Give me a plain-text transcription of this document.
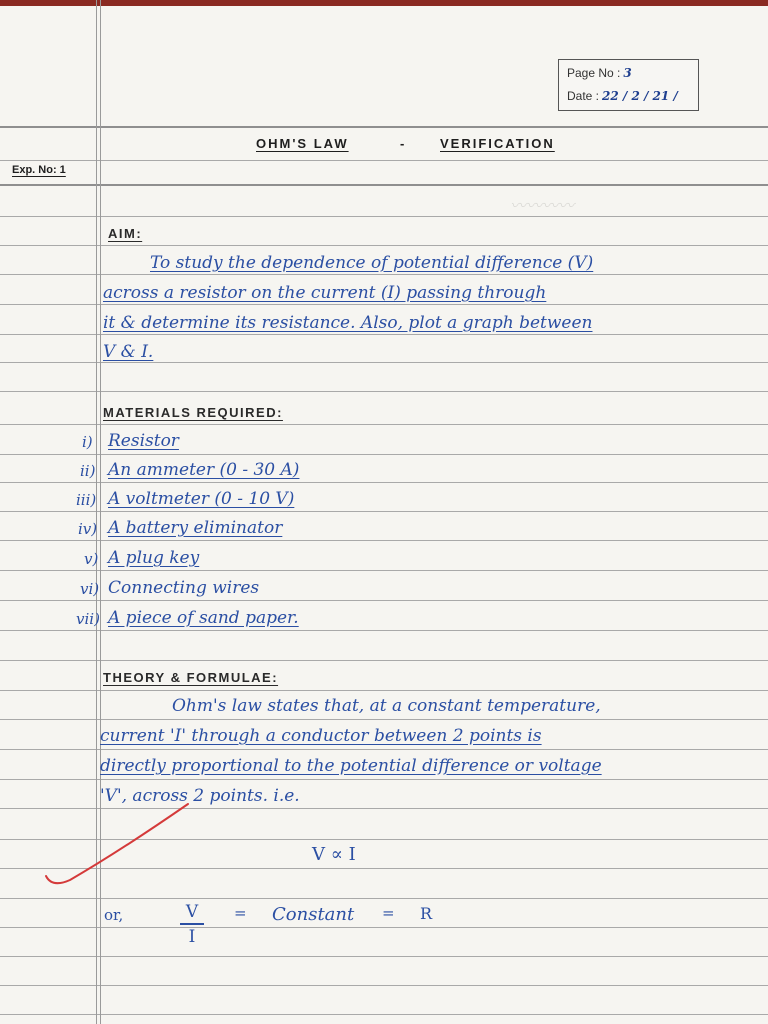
〰〰〰〰
Page No : 3
Date : 22 / 2 / 21 /
OHM'S LAW	-	VERIFICATION
Exp. No: 1
AIM:
To study the dependence of potential difference (V)
across a resistor on the current (I) passing through
it & determine its resistance. Also, plot a graph between
V & I.
MATERIALS REQUIRED:
i) Resistor
ii) An ammeter (0 - 30 A)
iii) A voltmeter (0 - 10 V)
iv) A battery eliminator
v) A plug key
vi) Connecting wires
vii) A piece of sand paper.
THEORY & FORMULAE:
Ohm's law states that, at a constant temperature,
current 'I' through a conductor between 2 points is
directly proportional to the potential difference or voltage
'V', across 2 points. i.e.
V ∝ I
or,	V
I
= Constant = R
